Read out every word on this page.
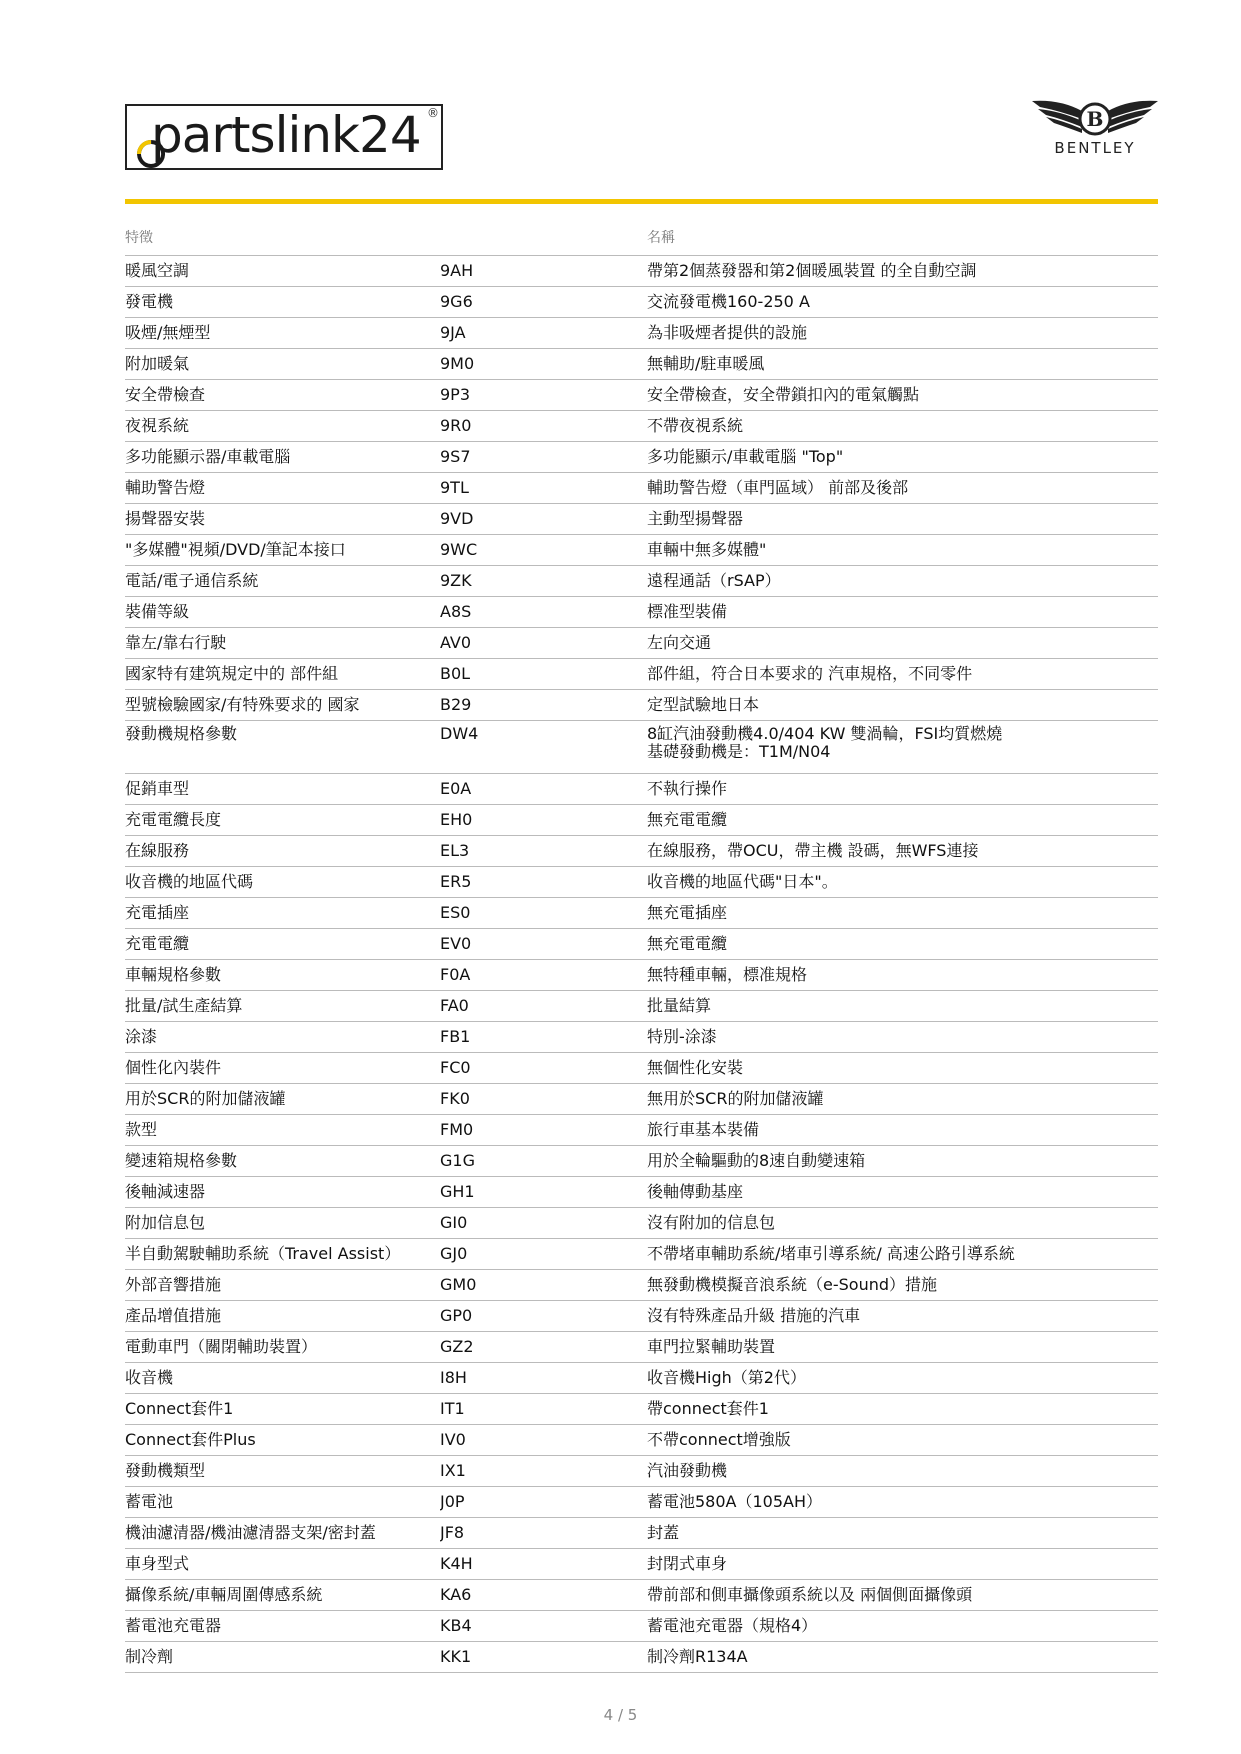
partslink24 ®	B
BENTLEY
特徵		名稱
暖風空調	9AH	帶第2個蒸發器和第2個暖風裝置 的全自動空調
發電機	9G6	交流發電機160-250 A
吸煙/無煙型	9JA	為非吸煙者提供的設施
附加暖氣	9M0	無輔助/駐車暖風
安全帶檢查	9P3	安全帶檢查，安全帶鎖扣內的電氣觸點
夜視系統	9R0	不帶夜視系統
多功能顯示器/車載電腦	9S7	多功能顯示/車載電腦 "Top"
輔助警告燈	9TL	輔助警告燈（車門區域） 前部及後部
揚聲器安裝	9VD	主動型揚聲器
"多媒體"視頻/DVD/筆記本接口	9WC	車輛中無多媒體"
電話/電子通信系統	9ZK	遠程通話（rSAP）
裝備等級	A8S	標准型裝備
靠左/靠右行駛	AV0	左向交通
國家特有建筑規定中的 部件組	B0L	部件組，符合日本要求的 汽車規格，不同零件
型號檢驗國家/有特殊要求的 國家	B29	定型試驗地日本
發動機規格參數	DW4	8缸汽油發動機4.0/404 KW 雙渦輪，FSI均質燃燒
基礎發動機是：T1M/N04
促銷車型	E0A	不執行操作
充電電纜長度	EH0	無充電電纜
在線服務	EL3	在線服務，帶OCU，帶主機 設碼，無WFS連接
收音機的地區代碼	ER5	收音機的地區代碼"日本"。
充電插座	ES0	無充電插座
充電電纜	EV0	無充電電纜
車輛規格參數	F0A	無特種車輛，標准規格
批量/試生產結算	FA0	批量結算
涂漆	FB1	特別-涂漆
個性化內裝件	FC0	無個性化安裝
用於SCR的附加儲液罐	FK0	無用於SCR的附加儲液罐
款型	FM0	旅行車基本裝備
變速箱規格參數	G1G	用於全輪驅動的8速自動變速箱
後軸減速器	GH1	後軸傳動基座
附加信息包	GI0	沒有附加的信息包
半自動駕駛輔助系統（Travel Assist）	GJ0	不帶堵車輔助系統/堵車引導系統/ 高速公路引導系統
外部音響措施	GM0	無發動機模擬音浪系統（e-Sound）措施
產品增值措施	GP0	沒有特殊產品升級 措施的汽車
電動車門（關閉輔助裝置）	GZ2	車門拉緊輔助裝置
收音機	I8H	收音機High（第2代）
Connect套件1	IT1	帶connect套件1
Connect套件Plus	IV0	不帶connect增強版
發動機類型	IX1	汽油發動機
蓄電池	J0P	蓄電池580A（105AH）
機油濾清器/機油濾清器支架/密封蓋	JF8	封蓋
車身型式	K4H	封閉式車身
攝像系統/車輛周圍傳感系統	KA6	帶前部和側車攝像頭系統以及 兩個側面攝像頭
蓄電池充電器	KB4	蓄電池充電器（規格4）
制冷劑	KK1	制冷劑R134A
4 / 5
